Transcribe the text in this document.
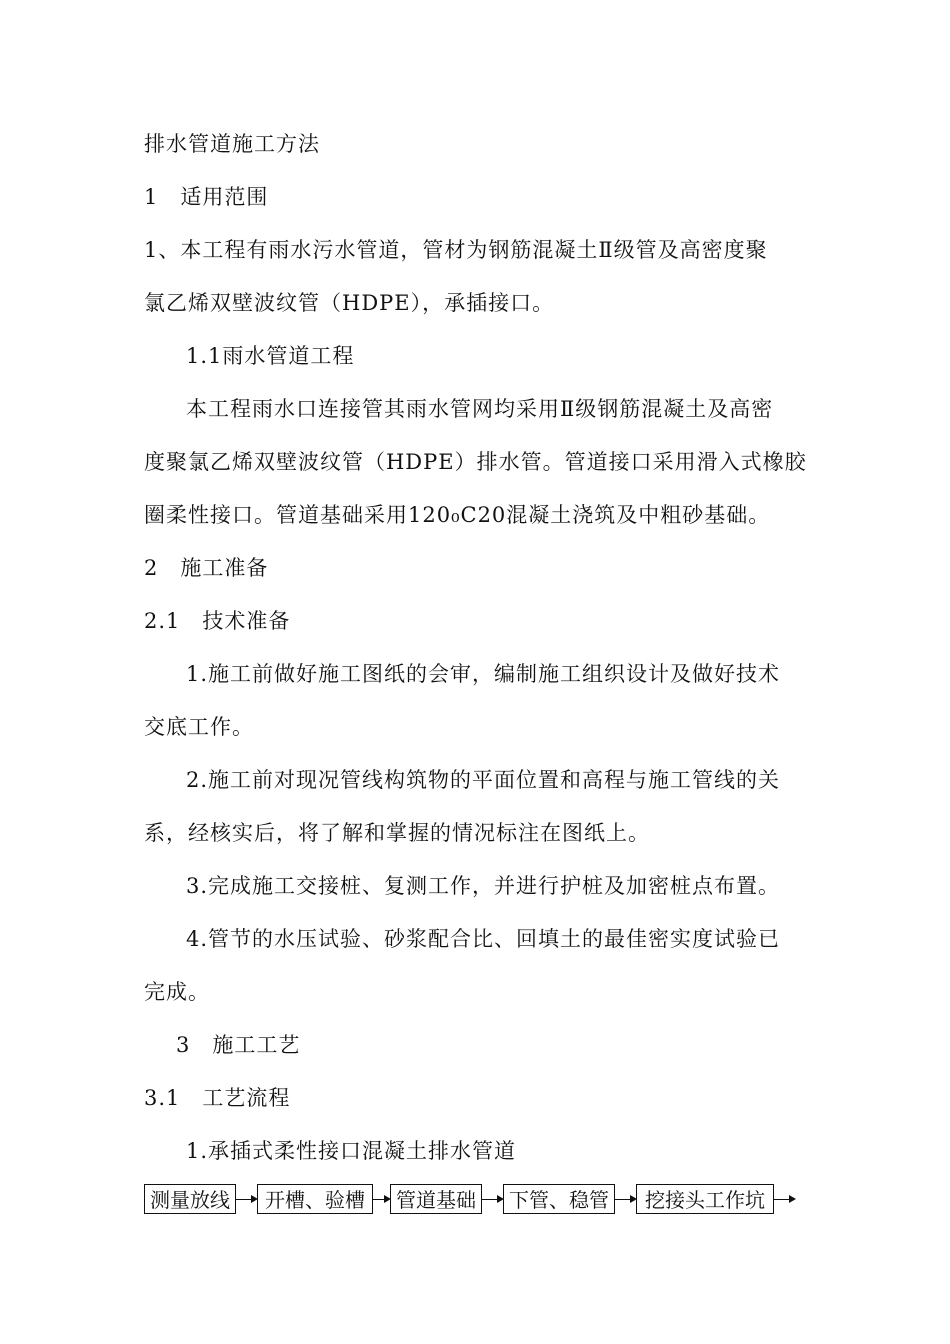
排水管道施工方法
1　适用范围
1、本工程有雨水污水管道，管材为钢筋混凝土Ⅱ级管及高密度聚
氯乙烯双壁波纹管（HDPE），承插接口。
1.1雨水管道工程
本工程雨水口连接管其雨水管网均采用Ⅱ级钢筋混凝土及高密
度聚氯乙烯双壁波纹管（HDPE）排水管。管道接口采用滑入式橡胶
圈柔性接口。管道基础采用120₀C20混凝土浇筑及中粗砂基础。
2　施工准备
2.1　技术准备
1.施工前做好施工图纸的会审，编制施工组织设计及做好技术
交底工作。
2.施工前对现况管线构筑物的平面位置和高程与施工管线的关
系，经核实后，将了解和掌握的情况标注在图纸上。
3.完成施工交接桩、复测工作，并进行护桩及加密桩点布置。
4.管节的水压试验、砂浆配合比、回填土的最佳密实度试验已
完成。
3　施工工艺
3.1　工艺流程
1.承插式柔性接口混凝土排水管道
测量放线	开槽、验槽	管道基础	下管、稳管	挖接头工作坑
